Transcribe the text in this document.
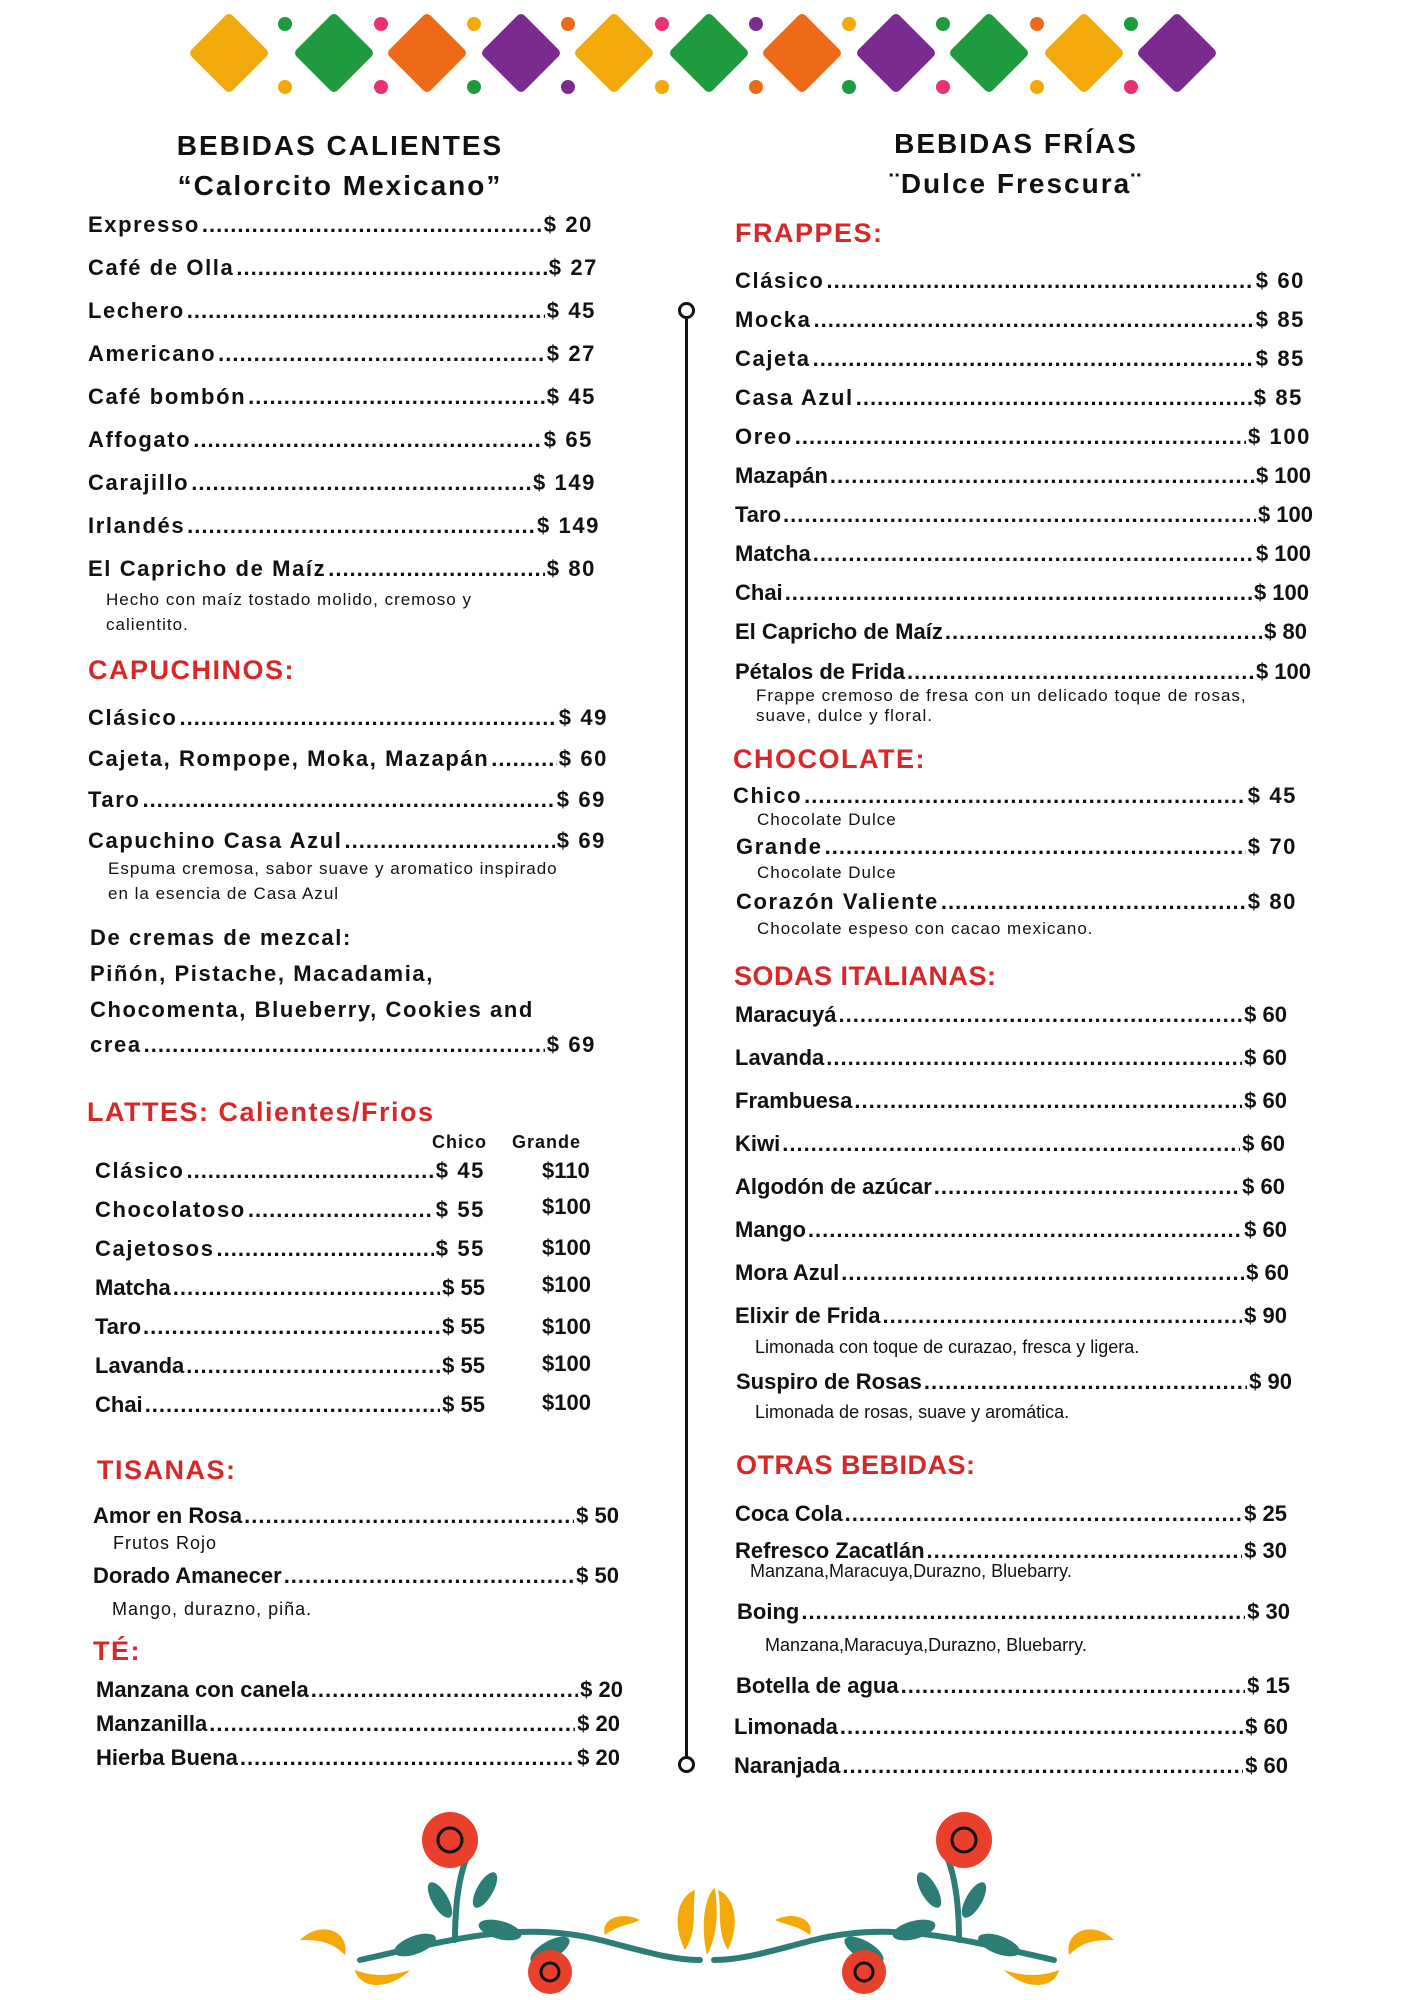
BEBIDAS CALIENTES
“Calorcito Mexicano”
Expresso .....	$ 20
Café de Olla .....	$ 27
Lechero .....	$ 45
Americano .....	$ 27
Café bombón .....	$ 45
Affogato .....	$ 65
Carajillo .....	$ 149
Irlandés .....	$ 149
El Capricho de Maíz .....	$ 80
Hecho con maíz tostado molido, cremoso y calientito.
CAPUCHINOS:
Clásico .....	$ 49
Cajeta, Rompope, Moka, Mazapán .....	$ 60
Taro .....	$ 69
Capuchino Casa Azul .....	$ 69
Espuma cremosa, sabor suave y aromatico inspirado en la esencia de Casa Azul
De cremas de mezcal:
Piñón, Pistache, Macadamia,
Chocomenta, Blueberry, Cookies and
crea .....	$ 69
LATTES: Calientes/Frios
Chico Grande
Clásico .....	$ 45	$110
Chocolatoso .....	$ 55	$100
Cajetosos .....	$ 55	$100
Matcha .....	$ 55	$100
Taro .....	$ 55	$100
Lavanda .....	$ 55	$100
Chai .....	$ 55	$100
TISANAS:
Amor en Rosa .....	$ 50
Frutos Rojo
Dorado Amanecer .....	$ 50
Mango, durazno, piña.
TÉ:
Manzana con canela .....	$ 20
Manzanilla .....	$ 20
Hierba Buena .....	$ 20
BEBIDAS FRÍAS
¨Dulce Frescura¨
FRAPPES:
Clásico .....	$ 60
Mocka .....	$ 85
Cajeta .....	$ 85
Casa Azul .....	$ 85
Oreo .....	$ 100
Mazapán .....	$ 100
Taro .....	$ 100
Matcha .....	$ 100
Chai .....	$ 100
El Capricho de Maíz .....	$ 80
Pétalos de Frida .....	$ 100
Frappe cremoso de fresa con un delicado toque de rosas, suave, dulce y floral.
CHOCOLATE:
Chico .....	$ 45
Chocolate Dulce
Grande .....	$ 70
Chocolate Dulce
Corazón Valiente .....	$ 80
Chocolate espeso con cacao mexicano.
SODAS ITALIANAS:
Maracuyá .....	$ 60
Lavanda .....	$ 60
Frambuesa .....	$ 60
Kiwi .....	$ 60
Algodón de azúcar .....	$ 60
Mango .....	$ 60
Mora Azul .....	$ 60
Elixir de Frida .....	$ 90
Limonada con toque de curazao, fresca y ligera.
Suspiro de Rosas .....	$ 90
Limonada de rosas, suave y aromática.
OTRAS BEBIDAS:
Coca Cola .....	$ 25
Refresco Zacatlán .....	$ 30
Manzana,Maracuya,Durazno, Bluebarry.
Boing .....	$ 30
Manzana,Maracuya,Durazno, Bluebarry.
Botella de agua .....	$ 15
Limonada .....	$ 60
Naranjada .....	$ 60
